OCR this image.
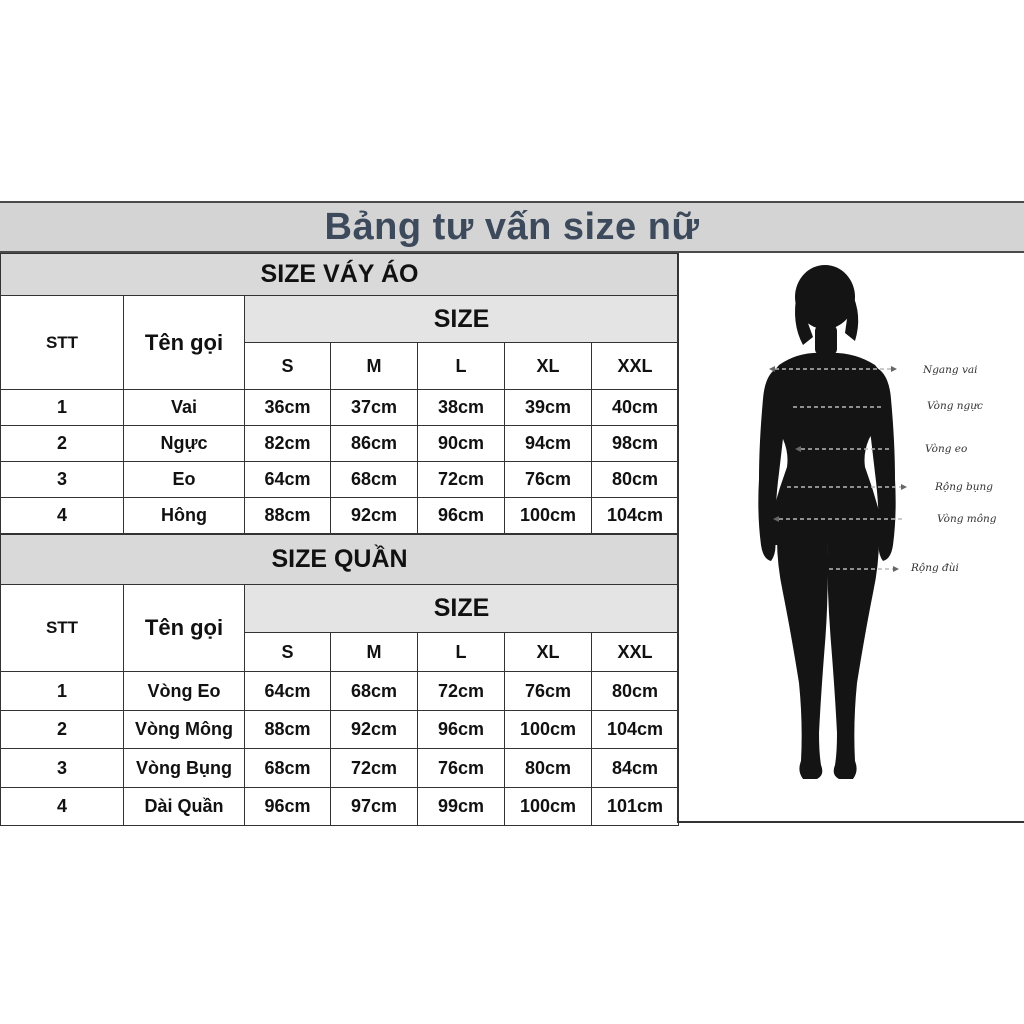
Bảng tư vấn size nữ
SIZE VÁY ÁO						
STT	Tên gọi	SIZE				
		S	M	L	XL	XXL
1	Vai	36cm	37cm	38cm	39cm	40cm
2	Ngực	82cm	86cm	90cm	94cm	98cm
3	Eo	64cm	68cm	72cm	76cm	80cm
4	Hông	88cm	92cm	96cm	100cm	104cm
SIZE QUẦN						
STT	Tên gọi	SIZE				
		S	M	L	XL	XXL
1	Vòng Eo	64cm	68cm	72cm	76cm	80cm
2	Vòng Mông	88cm	92cm	96cm	100cm	104cm
3	Vòng Bụng	68cm	72cm	76cm	80cm	84cm
4	Dài Quần	96cm	97cm	99cm	100cm	101cm
Ngang vai
Vòng ngực
Vòng eo
Rộng bụng
Vòng mông
Rộng đùi
